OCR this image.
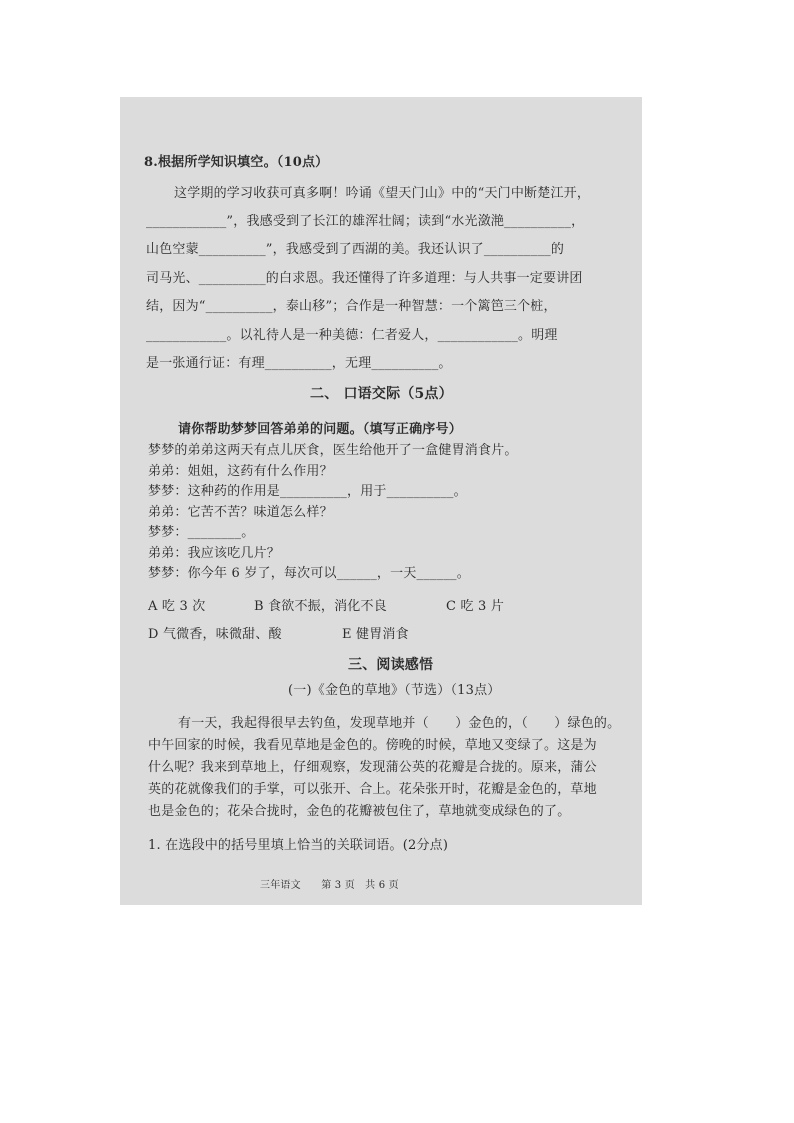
8.根据所学知识填空。（10点）
这学期的学习收获可真多啊！吟诵《望天门山》中的“天门中断楚江开，
____________”，我感受到了长江的雄浑壮阔；读到“水光潋滟__________，
山色空蒙__________”，我感受到了西湖的美。我还认识了__________的
司马光、__________的白求恩。我还懂得了许多道理：与人共事一定要讲团
结，因为“__________，泰山移”；合作是一种智慧：一个篱笆三个桩，
____________。以礼待人是一种美德：仁者爱人，____________。明理
是一张通行证：有理__________，无理__________。
二、 口语交际（5点）
请你帮助梦梦回答弟弟的问题。（填写正确序号）
梦梦的弟弟这两天有点儿厌食，医生给他开了一盒健胃消食片。
弟弟：姐姐，这药有什么作用？
梦梦：这种药的作用是__________，用于__________。
弟弟：它苦不苦？味道怎么样？
梦梦：________。
弟弟：我应该吃几片？
梦梦：你今年 6 岁了，每次可以______，一天______。
A 吃 3 次	B 食欲不振，消化不良	C 吃 3 片
D 气微香，味微甜、酸	E 健胃消食
三、阅读感悟
(一)《金色的草地》（节选）（13点）
有一天，我起得很早去钓鱼，发现草地并（　　）金色的，（　　）绿色的。
中午回家的时候，我看见草地是金色的。傍晚的时候，草地又变绿了。这是为
什么呢？我来到草地上，仔细观察，发现蒲公英的花瓣是合拢的。原来，蒲公
英的花就像我们的手掌，可以张开、合上。花朵张开时，花瓣是金色的，草地
也是金色的；花朵合拢时，金色的花瓣被包住了，草地就变成绿色的了。
1. 在选段中的括号里填上恰当的关联词语。(2分点)
三年语文　　第 3 页　共 6 页
